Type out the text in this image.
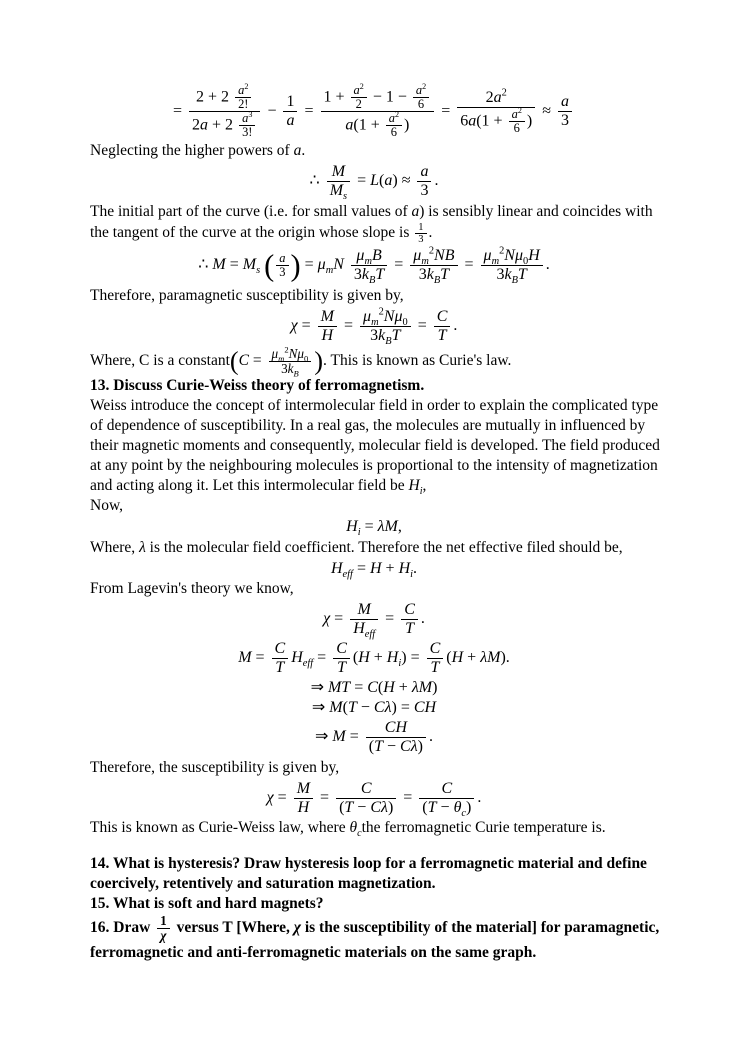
= $\frac{2 + 2 \frac{a^2}{2!}}{2a + 2 \frac{a^3}{3!}} - \frac{1}{a} = \frac{1 + \frac{a^2}{2} - 1 - \frac{a^2}{6}}{a(1 + \frac{a^2}{6} )} = \frac{2a^2}{6a(1 + \frac{a^2}{6} )} \approx \frac{a}{3}$
Neglecting the higher powers of a.
∴ $\frac{M}{M_s} = L(a) \approx \frac{a}{3}$ .
The initial part of the curve (i.e. for small values of a) is sensibly linear and coincides with
the tangent of the curve at the origin whose slope is $\frac{1}{3}$ .
∴ $M = M_s$ ( $\frac{a}{3}$ ) = $\mu_mN \frac{\mu_mB}{3k_BT} = \frac{\mu_m^2NB}{3k_BT} = \frac{\mu_m^2N\mu_0H}{3k_BT}$ .
Therefore, paramagnetic susceptibility is given by,
$\chi = \frac{M}{H} = \frac{\mu_m^2N\mu_0}{3k_BT} = \frac{C}{T}$ .
Where, C is a constant(C = $\frac{\mu_m^2N\mu_0}{3k_B}$ ). This is known as Curie's law.
13. Discuss Curie-Weiss theory of ferromagnetism.
Weiss introduce the concept of intermolecular field in order to explain the complicated type
of dependence of susceptibility. In a real gas, the molecules are mutually in influenced by
their magnetic moments and consequently, molecular field is developed. The field produced
at any point by the neighbouring molecules is proportional to the intensity of magnetization
and acting along it. Let this intermolecular field be $H_i$,
Now,
$H_i = \lambda M$,
Where, λ is the molecular field coefficient. Therefore the net effective filed should be,
$H_{eff} = H + H_i$.
From Lagevin's theory we know,
$\chi = \frac{M}{H_{eff}} = \frac{C}{T}$ .
$M = \frac{C}{T} H_{eff} = \frac{C}{T} (H + H_i) = \frac{C}{T} (H + \lambda M)$.
⇒ MT = C(H + λM)
⇒ M(T − Cλ) = CH
⇒ $M = \frac{CH}{(T - C\lambda)}$ .
Therefore, the susceptibility is given by,
$\chi = \frac{M}{H} = \frac{C}{(T - C\lambda)} = \frac{C}{(T - \theta_c)}$ .
This is known as Curie-Weiss law, where $\theta_cthe$ ferromagnetic Curie temperature is.
14. What is hysteresis? Draw hysteresis loop for a ferromagnetic material and define
coercively, retentively and saturation magnetization.
15. What is soft and hard magnets?
16. Draw $\frac{1}{\chi}$ versus T [Where, χ is the susceptibility of the material] for paramagnetic,
ferromagnetic and anti-ferromagnetic materials on the same graph.
